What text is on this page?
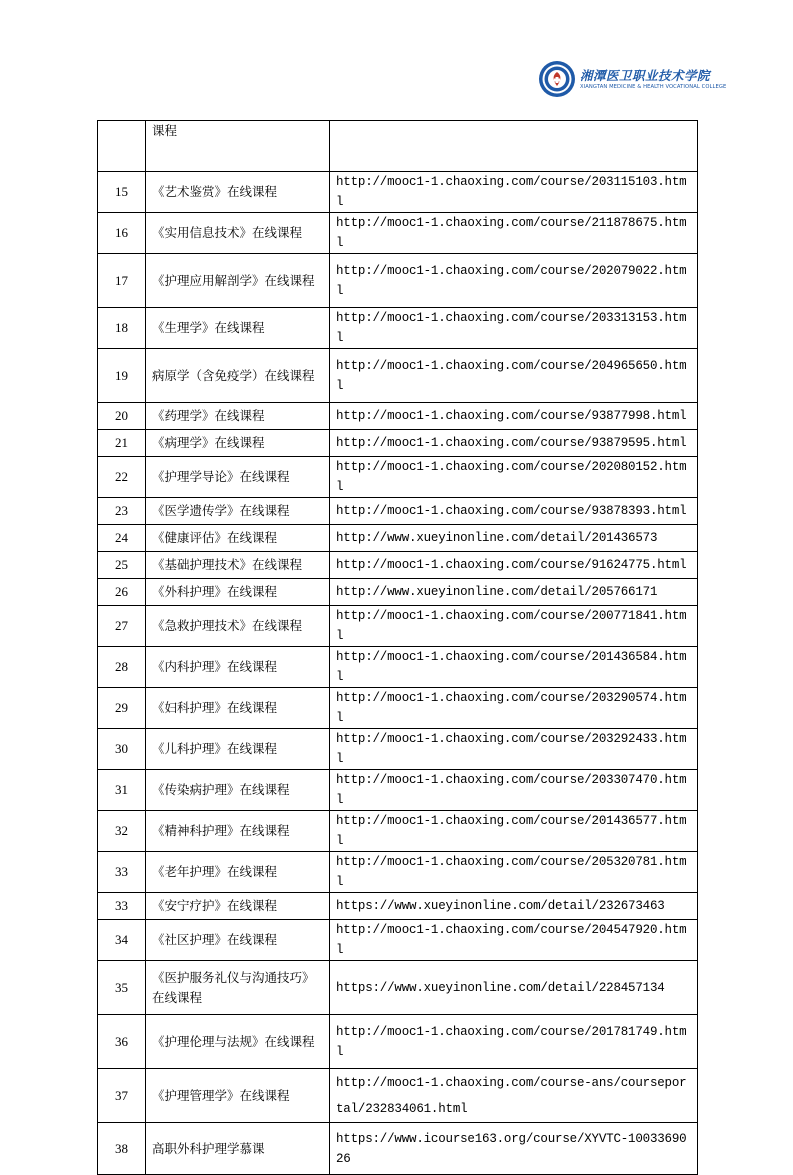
湘潭医卫职业技术学院
XIANGTAN MEDICINE & HEALTH VOCATIONAL COLLEGE
	课程	
15	《艺术鉴赏》在线课程	http://mooc1-1.chaoxing.com/course/203115103.html
16	《实用信息技术》在线课程	http://mooc1-1.chaoxing.com/course/211878675.html
17	《护理应用解剖学》在线课程	http://mooc1-1.chaoxing.com/course/202079022.html
18	《生理学》在线课程	http://mooc1-1.chaoxing.com/course/203313153.html
19	病原学（含免疫学）在线课程	http://mooc1-1.chaoxing.com/course/204965650.html
20	《药理学》在线课程	http://mooc1-1.chaoxing.com/course/93877998.html
21	《病理学》在线课程	http://mooc1-1.chaoxing.com/course/93879595.html
22	《护理学导论》在线课程	http://mooc1-1.chaoxing.com/course/202080152.html
23	《医学遗传学》在线课程	http://mooc1-1.chaoxing.com/course/93878393.html
24	《健康评估》在线课程	http://www.xueyinonline.com/detail/201436573
25	《基础护理技术》在线课程	http://mooc1-1.chaoxing.com/course/91624775.html
26	《外科护理》在线课程	http://www.xueyinonline.com/detail/205766171
27	《急救护理技术》在线课程	http://mooc1-1.chaoxing.com/course/200771841.html
28	《内科护理》在线课程	http://mooc1-1.chaoxing.com/course/201436584.html
29	《妇科护理》在线课程	http://mooc1-1.chaoxing.com/course/203290574.html
30	《儿科护理》在线课程	http://mooc1-1.chaoxing.com/course/203292433.html
31	《传染病护理》在线课程	http://mooc1-1.chaoxing.com/course/203307470.html
32	《精神科护理》在线课程	http://mooc1-1.chaoxing.com/course/201436577.html
33	《老年护理》在线课程	http://mooc1-1.chaoxing.com/course/205320781.html
33	《安宁疗护》在线课程	https://www.xueyinonline.com/detail/232673463
34	《社区护理》在线课程	http://mooc1-1.chaoxing.com/course/204547920.html
35	《医护服务礼仪与沟通技巧》在线课程	https://www.xueyinonline.com/detail/228457134
36	《护理伦理与法规》在线课程	http://mooc1-1.chaoxing.com/course/201781749.html
37	《护理管理学》在线课程	http://mooc1-1.chaoxing.com/course-ans/courseportal/232834061.html
38	高职外科护理学慕课	https://www.icourse163.org/course/XYVTC-1003369026
